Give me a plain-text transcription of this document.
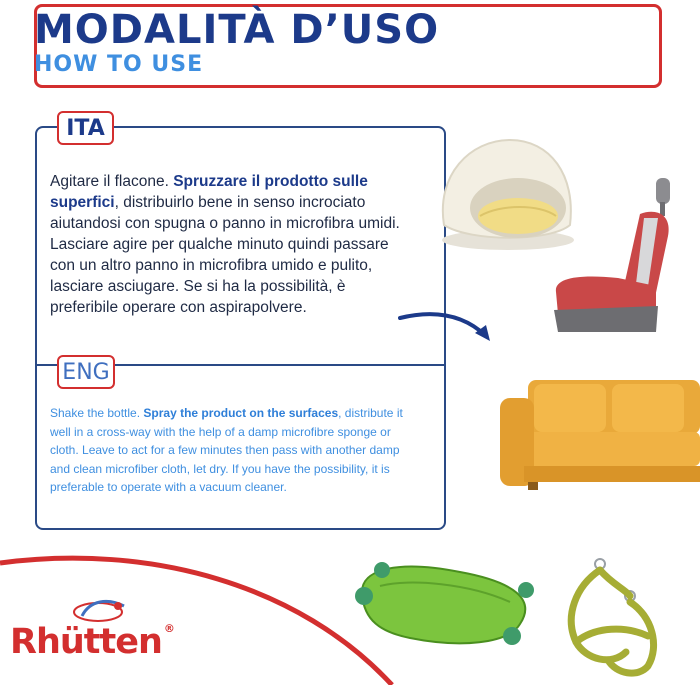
MODALITÀ D’USO
HOW TO USE
ITA

Agitare il flacone. Spruzzare il prodotto sulle superfici, distribuirlo bene in senso incrociato aiutandosi con spugna o panno in microfibra umidi. Lasciare agire per qualche minuto quindi passare con un altro panno in microfibra umido e pulito, lasciare asciugare. Se si ha la possibilità, è preferibile operare con aspirapolvere.

ENG

Shake the bottle. Spray the product on the surfaces, distribute it well in a cross-way with the help of a damp microfibre sponge or cloth. Leave to act for a few minutes then pass with another damp and clean microfiber cloth, let dry. If you have the possibility, it is preferable to operate with a vacuum cleaner.

Rhütten ®
